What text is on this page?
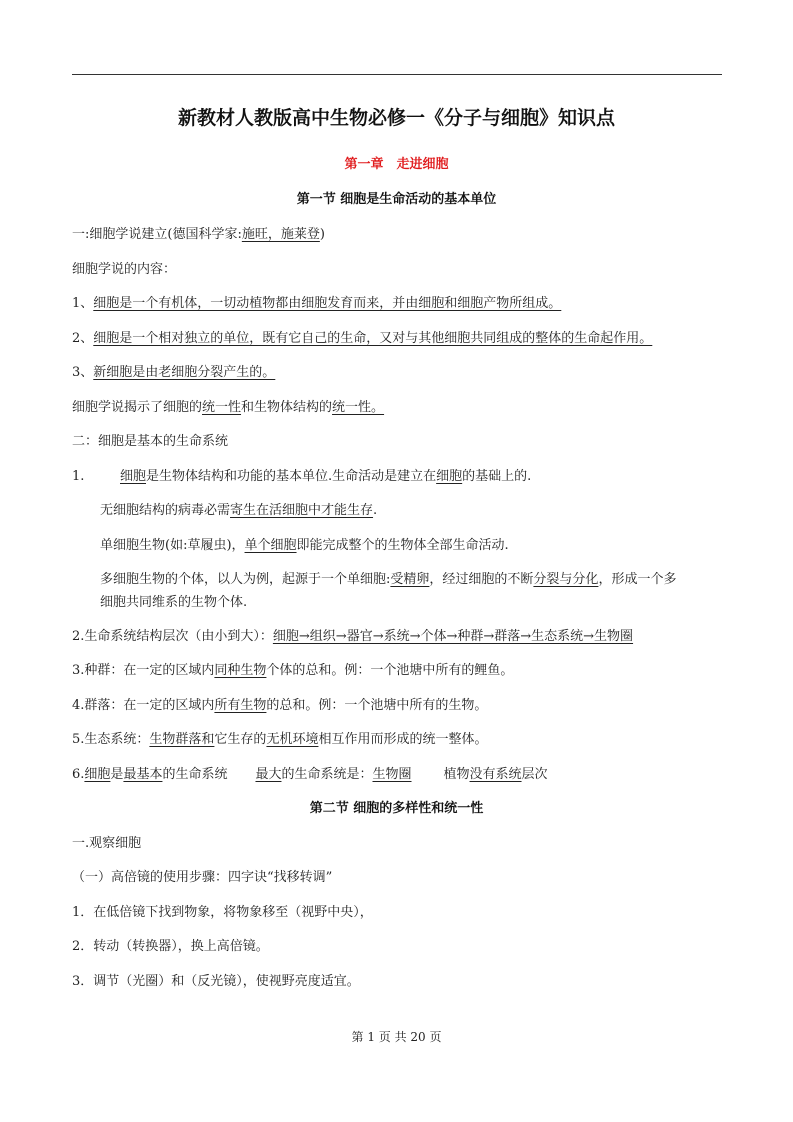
新教材人教版高中生物必修一《分子与细胞》知识点
第一章　走进细胞
第一节 细胞是生命活动的基本单位
一:细胞学说建立(德国科学家:施旺，施莱登)
细胞学说的内容：
1、细胞是一个有机体，一切动植物都由细胞发育而来，并由细胞和细胞产物所组成。
2、细胞是一个相对独立的单位，既有它自己的生命，又对与其他细胞共同组成的整体的生命起作用。
3、新细胞是由老细胞分裂产生的。
细胞学说揭示了细胞的统一性和生物体结构的统一性。
二：细胞是基本的生命系统
1.	细胞是生物体结构和功能的基本单位.生命活动是建立在细胞的基础上的.
无细胞结构的病毒必需寄生在活细胞中才能生存.
单细胞生物(如:草履虫)，单个细胞即能完成整个的生物体全部生命活动.
多细胞生物的个体，以人为例，起源于一个单细胞:受精卵，经过细胞的不断分裂与分化，形成一个多
细胞共同维系的生物个体.
2.生命系统结构层次（由小到大）：细胞→组织→器官→系统→个体→种群→群落→生态系统→生物圈
3.种群：在一定的区域内同种生物个体的总和。例：一个池塘中所有的鲤鱼。
4.群落：在一定的区域内所有生物的总和。例：一个池塘中所有的生物。
5.生态系统：生物群落和它生存的无机环境相互作用而形成的统一整体。
6.细胞是最基本的生命系统 最大的生命系统是：生物圈 植物没有系统层次
第二节 细胞的多样性和统一性
一.观察细胞
（一）高倍镜的使用步骤：四字诀“找移转调”
1．在低倍镜下找到物象，将物象移至（视野中央），
2．转动（转换器），换上高倍镜。
3．调节（光圈）和（反光镜），使视野亮度适宜。
第 1 页 共 20 页
